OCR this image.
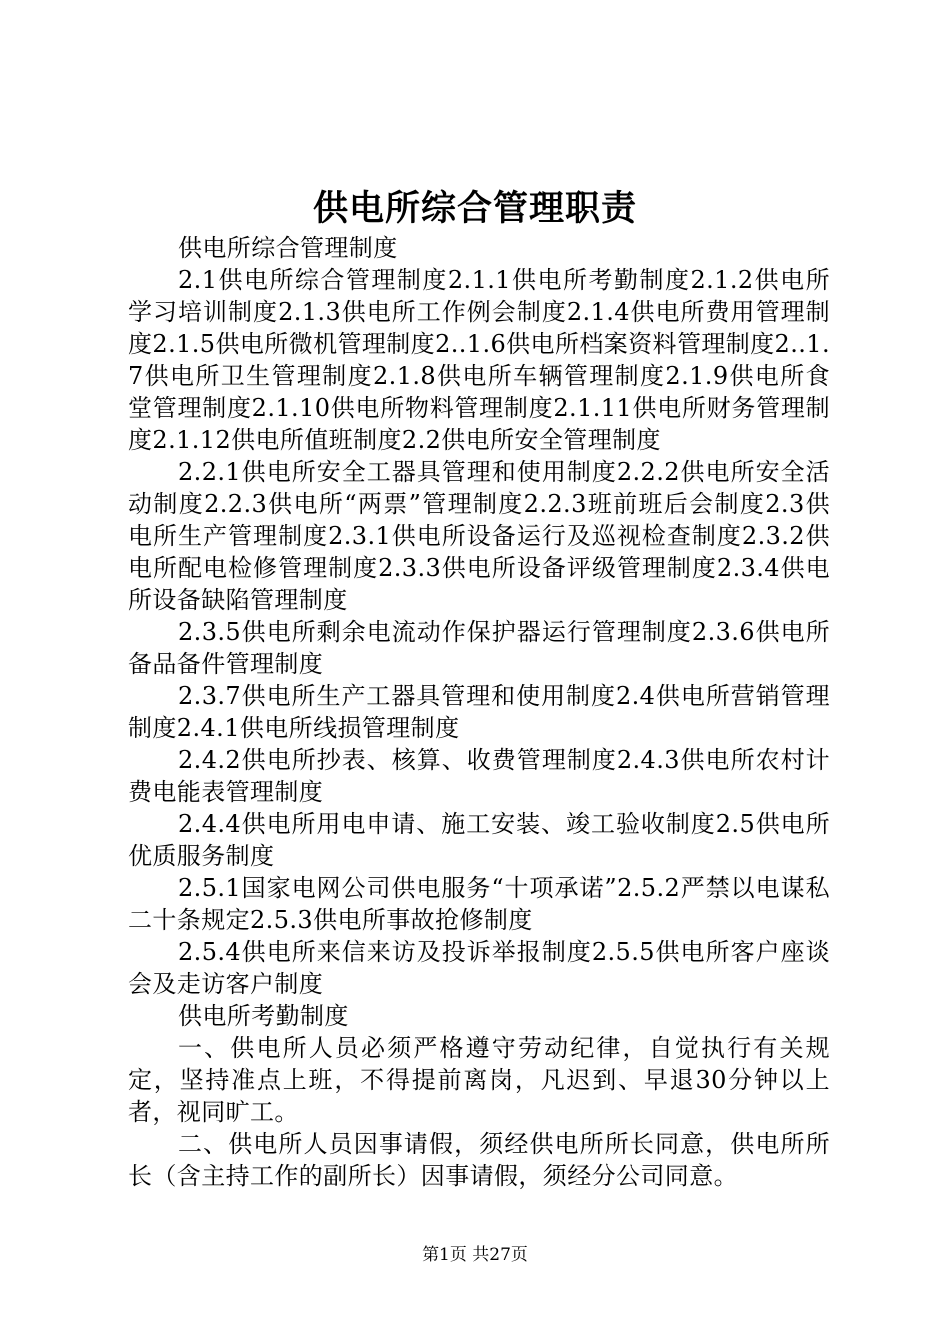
供电所综合管理职责

供电所综合管理制度

2.1供电所综合管理制度2.1.1供电所考勤制度2.1.2供电所学习培训制度2.1.3供电所工作例会制度2.1.4供电所费用管理制度2.1.5供电所微机管理制度2..1.6供电所档案资料管理制度2..1.7供电所卫生管理制度2.1.8供电所车辆管理制度2.1.9供电所食堂管理制度2.1.10供电所物料管理制度2.1.11供电所财务管理制度2.1.12供电所值班制度2.2供电所安全管理制度

2.2.1供电所安全工器具管理和使用制度2.2.2供电所安全活动制度2.2.3供电所“两票”管理制度2.2.3班前班后会制度2.3供电所生产管理制度2.3.1供电所设备运行及巡视检查制度2.3.2供电所配电检修管理制度2.3.3供电所设备评级管理制度2.3.4供电所设备缺陷管理制度

2.3.5供电所剩余电流动作保护器运行管理制度2.3.6供电所备品备件管理制度

2.3.7供电所生产工器具管理和使用制度2.4供电所营销管理制度2.4.1供电所线损管理制度

2.4.2供电所抄表、核算、收费管理制度2.4.3供电所农村计费电能表管理制度

2.4.4供电所用电申请、施工安装、竣工验收制度2.5供电所优质服务制度

2.5.1国家电网公司供电服务“十项承诺”2.5.2严禁以电谋私二十条规定2.5.3供电所事故抢修制度

2.5.4供电所来信来访及投诉举报制度2.5.5供电所客户座谈会及走访客户制度

供电所考勤制度

一、供电所人员必须严格遵守劳动纪律，自觉执行有关规定，坚持准点上班，不得提前离岗，凡迟到、早退30分钟以上者，视同旷工。

二、供电所人员因事请假，须经供电所所长同意，供电所所长（含主持工作的副所长）因事请假，须经分公司同意。

第1页 共27页
